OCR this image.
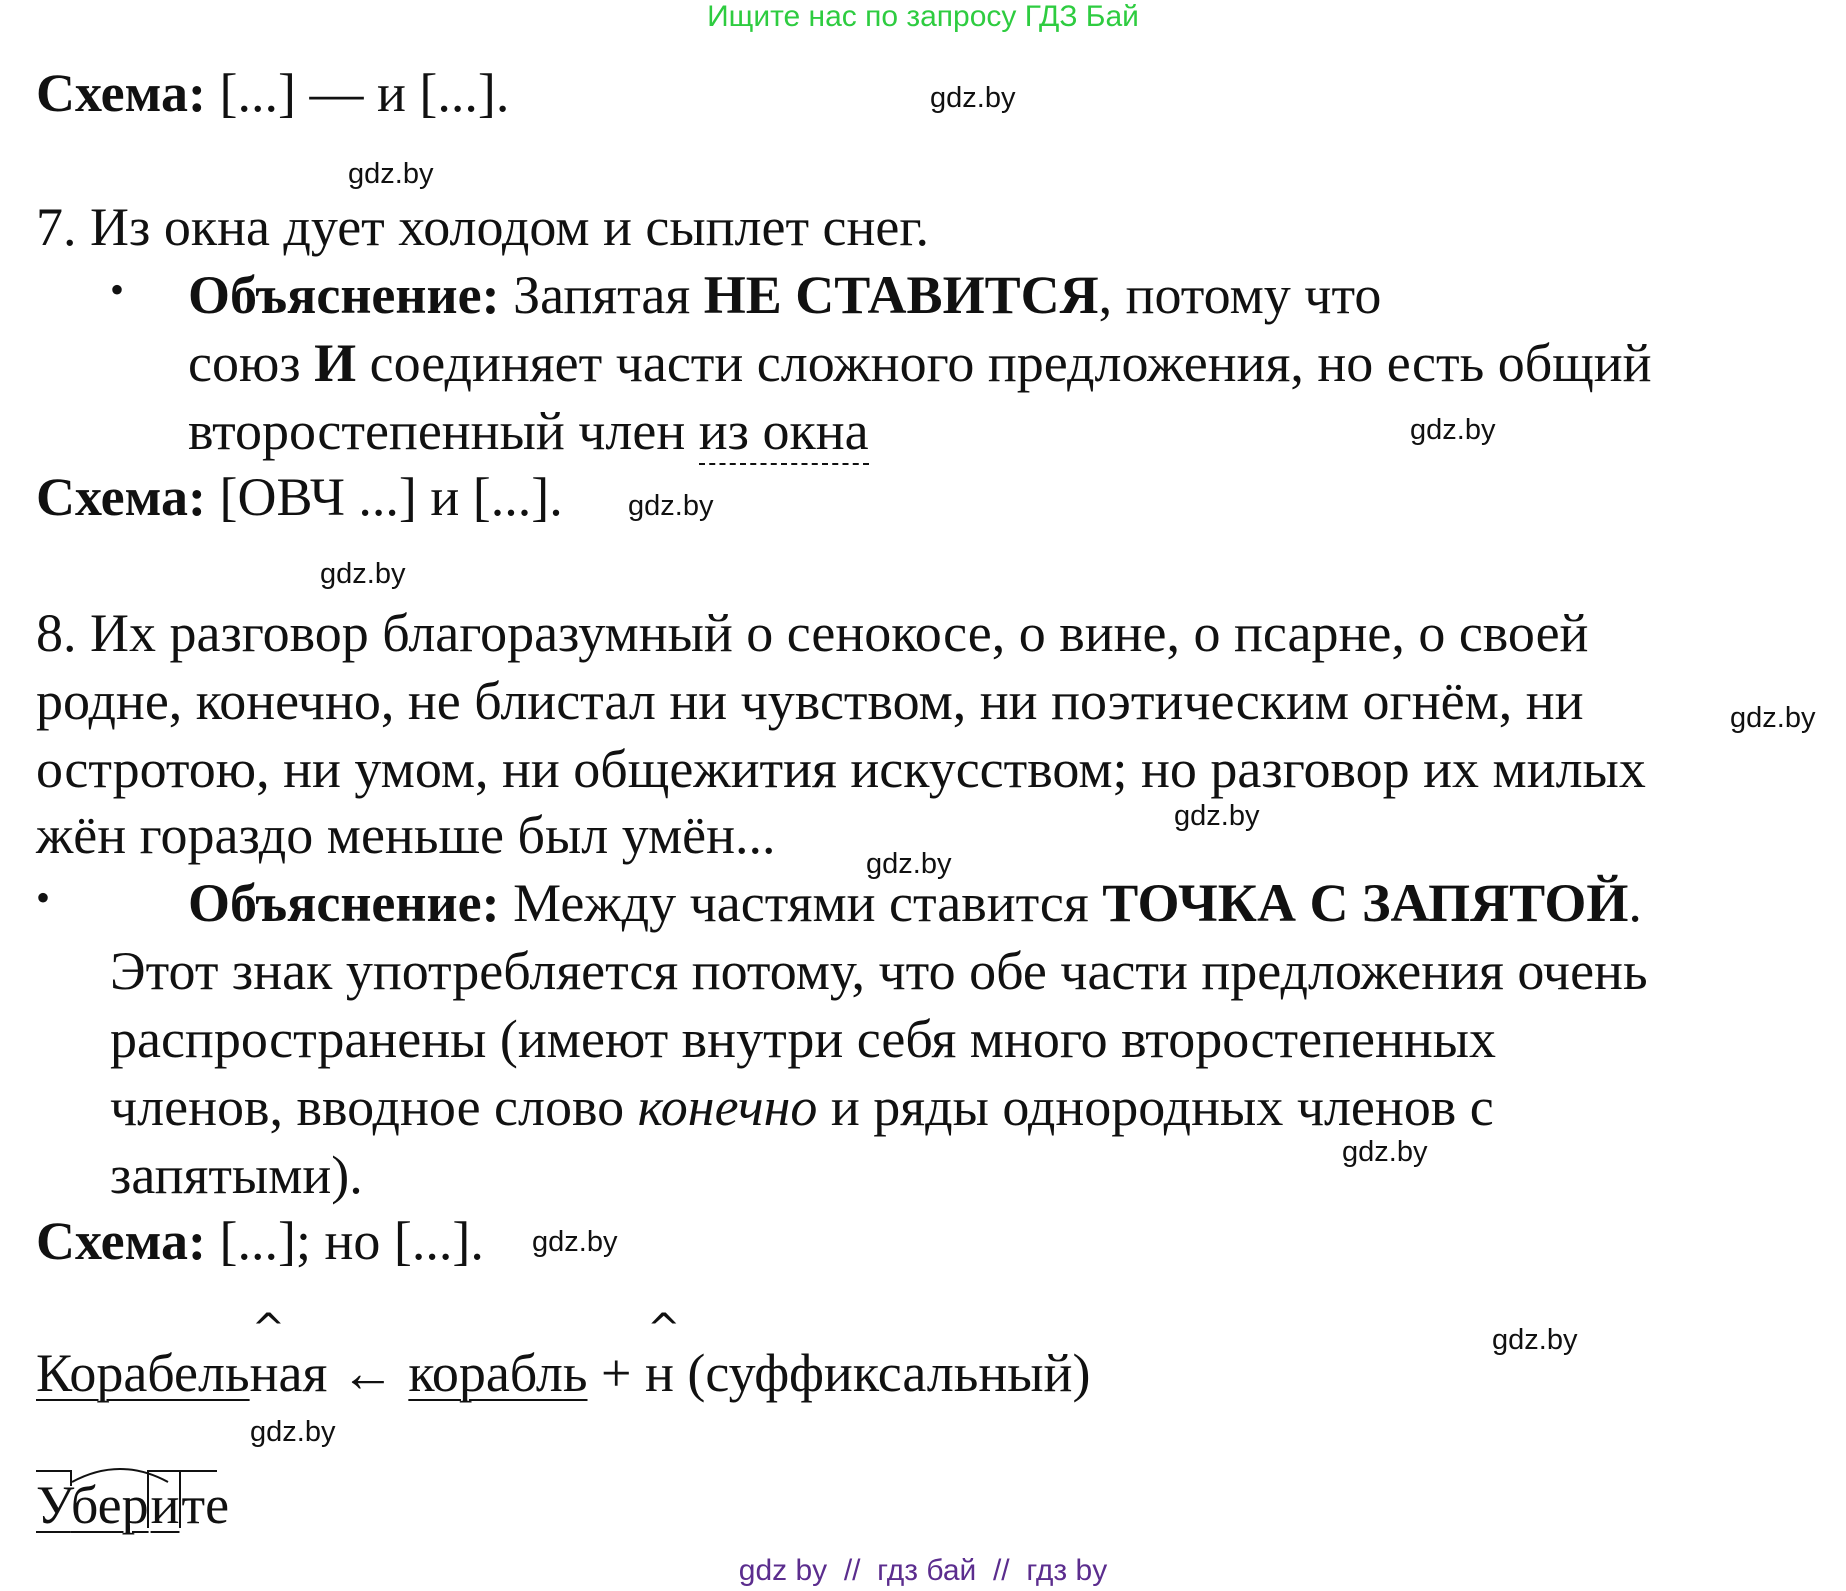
Ищите нас по запросу ГДЗ Бай
Схема: [...] — и [...].	gdz.by
gdz.by
7. Из окна дует холодом и сыплет снег.
• Объяснение: Запятая НЕ СТАВИТСЯ, потому что
союз И соединяет части сложного предложения, но есть общий
второстепенный член из окна	gdz.by
Схема: [ОВЧ ...] и [...]. gdz.by
gdz.by
8. Их разговор благоразумный о сенокосе, о вине, о псарне, о своей
родне, конечно, не блистал ни чувством, ни поэтическим огнём, ни	gdz.by
остротою, ни умом, ни общежития искусством; но разговор их милых
gdz.by
жён гораздо меньше был умён...	gdz.by
•	Объяснение: Между частями ставится ТОЧКА С ЗАПЯТОЙ.
Этот знак употребляется потому, что обе части предложения очень
распространены (имеют внутри себя много второстепенных
членов, вводное слово конечно и ряды однородных членов с
gdz.by
запятыми).
Схема: [...]; но [...]. gdz.by
gdz.by
Корабель
^
ная ← корабль +
^
н (суффиксальный)
gdz.by
Убер
и
те
gdz by  //  гдз бай  //  гдз by
